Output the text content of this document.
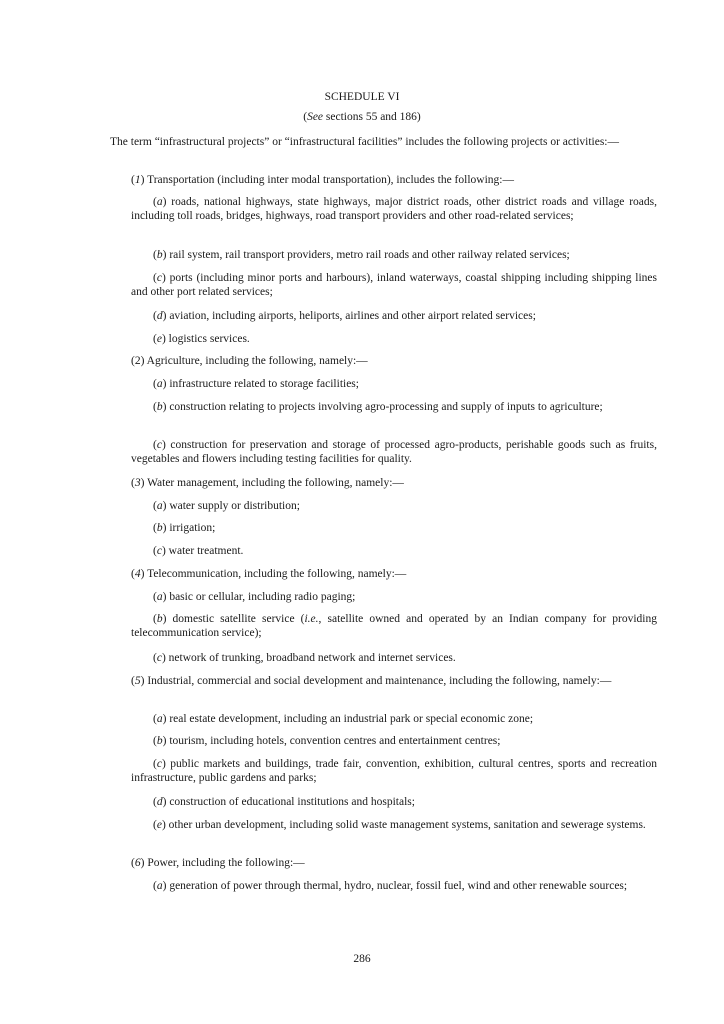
SCHEDULE VI
(See sections 55 and 186)
The term “infrastructural projects” or “infrastructural facilities” includes the following projects or activities:—
(1) Transportation (including inter modal transportation), includes the following:—
(a) roads, national highways, state highways, major district roads, other district roads and village roads, including toll roads, bridges, highways, road transport providers and other road-related services;
(b) rail system, rail transport providers, metro rail roads and other railway related services;
(c) ports (including minor ports and harbours), inland waterways, coastal shipping including shipping lines and other port related services;
(d) aviation, including airports, heliports, airlines and other airport related services;
(e) logistics services.
(2) Agriculture, including the following, namely:—
(a) infrastructure related to storage facilities;
(b) construction relating to projects involving agro-processing and supply of inputs to agriculture;
(c) construction for preservation and storage of processed agro-products, perishable goods such as fruits, vegetables and flowers including testing facilities for quality.
(3) Water management, including the following, namely:—
(a) water supply or distribution;
(b) irrigation;
(c) water treatment.
(4) Telecommunication, including the following, namely:—
(a) basic or cellular, including radio paging;
(b) domestic satellite service (i.e., satellite owned and operated by an Indian company for providing telecommunication service);
(c) network of trunking, broadband network and internet services.
(5) Industrial, commercial and social development and maintenance, including the following, namely:—
(a) real estate development, including an industrial park or special economic zone;
(b) tourism, including hotels, convention centres and entertainment centres;
(c) public markets and buildings, trade fair, convention, exhibition, cultural centres, sports and recreation infrastructure, public gardens and parks;
(d) construction of educational institutions and hospitals;
(e) other urban development, including solid waste management systems, sanitation and sewerage systems.
(6) Power, including the following:—
(a) generation of power through thermal, hydro, nuclear, fossil fuel, wind and other renewable sources;
286
